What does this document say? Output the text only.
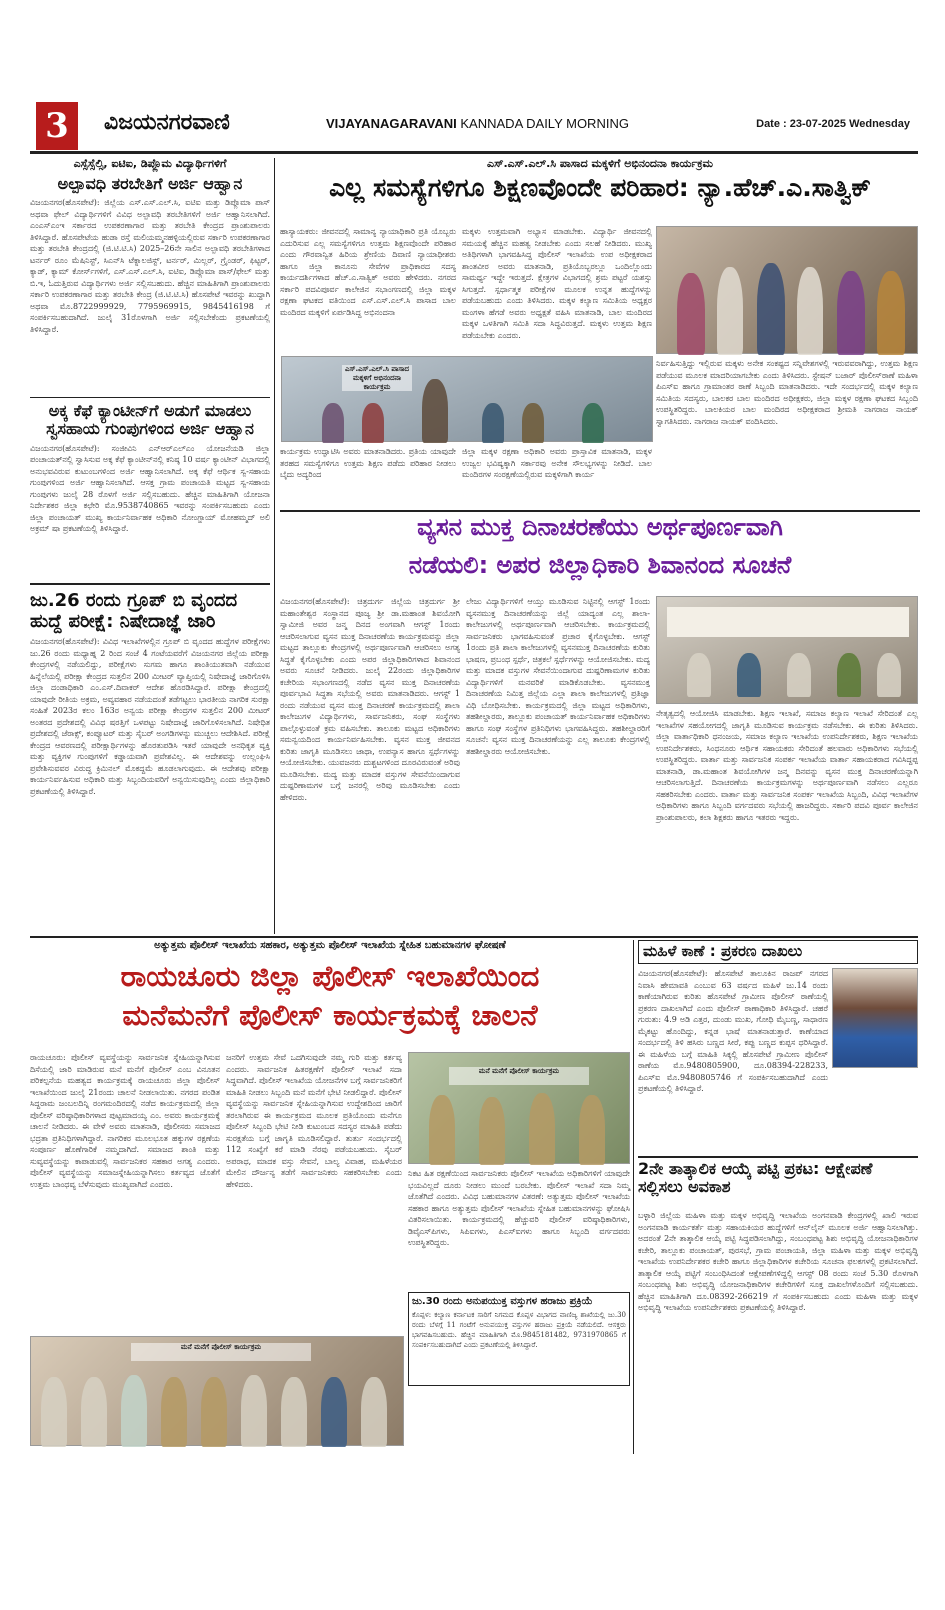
3	ವಿಜಯನಗರವಾಣಿ	VIJAYANAGARAVANI KANNADA DAILY MORNING	Date : 23-07-2025 Wednesday
ಎಸ್ಸೆಸ್ಸೆಲ್ಸಿ, ಐಟಿಐ, ಡಿಪ್ಲೊಮ ವಿದ್ಯಾರ್ಥಿಗಳಿಗೆ
ಅಲ್ಪಾವಧಿ ತರಬೇತಿಗೆ ಅರ್ಜಿ ಆಹ್ವಾನ
ವಿಜಯನಗರ(ಹೊಸಪೇಟೆ): ಜಿಲ್ಲೆಯ ಎಸ್.ಎಸ್.ಎಲ್.ಸಿ, ಐಟಿಐ ಮತ್ತು ಡಿಪ್ಲೊಮಾ ಪಾಸ್ ಅಥವಾ ಫೇಲ್ ವಿದ್ಯಾರ್ಥಿಗಳಿಗೆ ವಿವಿಧ ಅಲ್ಪಾವಧಿ ತರಬೇತಿಗಳಿಗೆ ಅರ್ಜಿ ಆಹ್ವಾನಿಸಲಾಗಿದೆ. ಎಂಎಸ್ಎಂಇ ಸರ್ಕಾರದ ಉಪಕರಣಾಗಾರ ಮತ್ತು ತರಬೇತಿ ಕೇಂದ್ರದ ಪ್ರಾಂಶುಪಾಲರು ತಿಳಿಸಿದ್ದಾರೆ. ಹೊಸಪೇಟೆಯ ಹುಡಾ ರಸ್ತೆ ಮಲಿಯಮ್ಮನಹಳ್ಳಿಯಲ್ಲಿರುವ ಸರ್ಕಾರಿ ಉಪಕರಣಾಗಾರ ಮತ್ತು ತರಬೇತಿ ಕೇಂದ್ರದಲ್ಲಿ (ಜಿ.ಟಿ.ಟಿ.ಸಿ) 2025–26ನೇ ಸಾಲಿನ ಅಲ್ಪಾವಧಿ ತರಬೇತಿಗಳಾದ ಟರ್ನರ್ ರೂಂ ಮೆಷಿನಿಸ್ಟ್, ಸಿಎನ್‌ಸಿ ಟೆಕ್ನಾಲಜಿಸ್ಟ್, ಟರ್ನರ್, ಮಿಲ್ಲರ್, ಗ್ರೈಂಡರ್, ಫಿಟ್ಟರ್, ಕ್ಯಾಡ್, ಕ್ಯಾಮ್ ಕೋರ್ಸ್‌ಗಳಿಗೆ, ಎಸ್.ಎಸ್.ಎಲ್.ಸಿ, ಐಟಿಐ, ಡಿಪ್ಲೊಮಾ ಪಾಸ್/ಫೇಲ್ ಮತ್ತು ಬಿ.ಇ, ಓದುತ್ತಿರುವ ವಿದ್ಯಾರ್ಥಿಗಳು ಅರ್ಜಿ ಸಲ್ಲಿಸಬಹುದು. ಹೆಚ್ಚಿನ ಮಾಹಿತಿಗಾಗಿ ಪ್ರಾಂಶುಪಾಲರು ಸರ್ಕಾರಿ ಉಪಕರಣಾಗಾರ ಮತ್ತು ತರಬೇತಿ ಕೇಂದ್ರ (ಜಿ.ಟಿ.ಟಿ.ಸಿ) ಹೊಸಪೇಟೆ ಇವರನ್ನು ಖುದ್ದಾಗಿ ಅಥವಾ ಮೊ.8722999929, 7795969915, 9845416198 ಗೆ ಸಂಪರ್ಕಿಸಬಹುದಾಗಿದೆ. ಜುಲೈ 31ರೊಳಗಾಗಿ ಅರ್ಜಿ ಸಲ್ಲಿಸಬೇಕೆಂದು ಪ್ರಕಟಣೆಯಲ್ಲಿ ತಿಳಿಸಿದ್ದಾರೆ.
ಅಕ್ಕ ಕೆಫೆ ಕ್ಯಾಂಟೀನ್‌ಗೆ ಅಡುಗೆ ಮಾಡಲು ಸ್ವಸಹಾಯ ಗುಂಪುಗಳಿಂದ ಅರ್ಜಿ ಆಹ್ವಾನ
ವಿಜಯನಗರ(ಹೊಸಪೇಟೆ): ಸಂಜೀವಿನಿ ಎನ್‌ಆರ್‌ಎಲ್ಎಂ ಯೋಜನೆಯಡಿ ಜಿಲ್ಲಾ ಪಂಚಾಯತ್‌ನಲ್ಲಿ ಸ್ವಾಸಿಸುವ ಅಕ್ಕ ಕೆಫೆ ಕ್ಯಾಂಟೀನ್‌ನಲ್ಲಿ ಕನಿಷ್ಠ 10 ವರ್ಷ ಕ್ಯಾಂಟೀನ್ ವಿಭಾಗದಲ್ಲಿ ಅನುಭವವಿರುವ ಕುಟುಂಬಗಳಿಂದ ಅರ್ಜಿ ಆಹ್ವಾನಿಸಲಾಗಿದೆ. ಅಕ್ಕ ಕೆಫೆ ಆರ್ಥಿಕ ಸ್ವ-ಸಹಾಯ ಗುಂಪುಗಳಿಂದ ಅರ್ಜಿ ಆಹ್ವಾನಿಸಲಾಗಿದೆ. ಆಸಕ್ತ ಗ್ರಾಮ ಪಂಚಾಯತಿ ಮಟ್ಟದ ಸ್ವ-ಸಹಾಯ ಗುಂಪುಗಳು ಜುಲೈ 28 ರೊಳಗೆ ಅರ್ಜಿ ಸಲ್ಲಿಸಬಹುದು. ಹೆಚ್ಚಿನ ಮಾಹಿತಿಗಾಗಿ ಯೋಜನಾ ನಿರ್ದೇಶಕರ ಜಿಲ್ಲಾ ಕಛೇರಿ ಮೊ.9538740865 ಇವರನ್ನು ಸಂಪರ್ಕಿಸಬಹುದು ಎಂದು ಜಿಲ್ಲಾ ಪಂಚಾಯತ್ ಮುಖ್ಯ ಕಾರ್ಯನಿರ್ವಾಹಕ ಅಧಿಕಾರಿ ನೋಂಗ್ಜಾಯ್ ಮೋಹಮ್ಮದ್ ಅಲಿ ಅಕ್ರಮ್ ಷಾ ಪ್ರಕಟಣೆಯಲ್ಲಿ ತಿಳಿಸಿದ್ದಾರೆ.
ಜು.26 ರಂದು ಗ್ರೂಪ್ ಬಿ ವೃಂದದ ಹುದ್ದೆ ಪರೀಕ್ಷೆ: ನಿಷೇದಾಜ್ಞೆ ಜಾರಿ
ವಿಜಯನಗರ(ಹೊಸಪೇಟೆ): ವಿವಿಧ ಇಲಾಖೆಗಳಲ್ಲಿನ ಗ್ರೂಪ್ ಬಿ ವೃಂದದ ಹುದ್ದೆಗಳ ಪರೀಕ್ಷೆಗಳು ಜು.26 ರಂದು ಮಧ್ಯಾಹ್ನ 2 ರಿಂದ ಸಂಜೆ 4 ಗಂಟೆಯವರೆಗೆ ವಿಜಯನಗರ ಜಿಲ್ಲೆಯ ಪರೀಕ್ಷಾ ಕೇಂದ್ರಗಳಲ್ಲಿ ನಡೆಯಲಿದ್ದು, ಪರೀಕ್ಷೆಗಳು ಸುಗಮ ಹಾಗೂ ಶಾಂತಿಯುತವಾಗಿ ನಡೆಯುವ ಹಿನ್ನೆಲೆಯಲ್ಲಿ ಪರೀಕ್ಷಾ ಕೇಂದ್ರದ ಸುತ್ತಲಿನ 200 ಮೀಟರ್ ವ್ಯಾಪ್ತಿಯಲ್ಲಿ ನಿಷೇದಾಜ್ಞೆ ಜಾರಿಗೊಳಿಸಿ ಜಿಲ್ಲಾ ದಂಡಾಧಿಕಾರಿ ಎಂ.ಎಸ್.ದಿವಾಕರ್ ಆದೇಶ ಹೊರಡಿಸಿದ್ದಾರೆ. ಪರೀಕ್ಷಾ ಕೇಂದ್ರದಲ್ಲಿ ಯಾವುದೇ ರೀತಿಯ ಅಕ್ರಮ, ಅವ್ಯವಹಾರ ನಡೆಯದಂತೆ ತಡೆಗಟ್ಟಲು ಭಾರತೀಯ ನಾಗರಿಕ ಸುರಕ್ಷಾ ಸಂಹಿತೆ 2023ರ ಕಲಂ 163ರ ಅನ್ವಯ ಪರೀಕ್ಷಾ ಕೇಂದ್ರಗಳ ಸುತ್ತಲಿನ 200 ಮೀಟರ್ ಅಂತರದ ಪ್ರದೇಶದಲ್ಲಿ ವಿವಿಧ ಷರತ್ತಿಗೆ ಒಳಪಟ್ಟು ನಿಷೇದಾಜ್ಞೆ ಜಾರಿಗೊಳಿಸಲಾಗಿದೆ. ನಿಷೇಧಿತ ಪ್ರದೇಶದಲ್ಲಿ ಜೆರಾಕ್ಸ್, ಕಂಪ್ಯೂಟರ್ ಮತ್ತು ಸೈಬರ್ ಅಂಗಡಿಗಳನ್ನು ಮುಚ್ಚಲು ಆದೇಶಿಸಿದೆ. ಪರೀಕ್ಷೆ ಕೇಂದ್ರದ ಆವರಣದಲ್ಲಿ ಪರೀಕ್ಷಾರ್ಥಿಗಳನ್ನು ಹೊರತುಪಡಿಸಿ ಇತರೆ ಯಾವುದೇ ಅನಧಿಕೃತ ವ್ಯಕ್ತಿ ಮತ್ತು ವ್ಯಕ್ತಿಗಳ ಗುಂಪುಗಳಿಗೆ ಕಡ್ಡಾಯವಾಗಿ ಪ್ರವೇಶವಿಲ್ಲ. ಈ ಆದೇಶವನ್ನು ಉಲ್ಲಂಘಿಸಿ ಪ್ರವೇಶಿಸುವವರ ವಿರುದ್ಧ ಕ್ರಿಮಿನಲ್ ಮೊಕದ್ದಮೆ ಹೂಡಲಾಗುವುದು. ಈ ಆದೇಶವು ಪರೀಕ್ಷಾ ಕಾರ್ಯನಿರ್ವಹಿಸುವ ಅಧಿಕಾರಿ ಮತ್ತು ಸಿಬ್ಬಂದಿಯವರಿಗೆ ಅನ್ವಯಿಸುವುದಿಲ್ಲ ಎಂದು ಜಿಲ್ಲಾಧಿಕಾರಿ ಪ್ರಕಟಣೆಯಲ್ಲಿ ತಿಳಿಸಿದ್ದಾರೆ.
ಎಸ್.ಎಸ್.ಎಲ್.ಸಿ ಪಾಸಾದ ಮಕ್ಕಳಿಗೆ ಅಭಿನಂದನಾ ಕಾರ್ಯಕ್ರಮ
ಎಲ್ಲ ಸಮಸ್ಯೆಗಳಿಗೂ ಶಿಕ್ಷಣವೊಂದೇ ಪರಿಹಾರ: ನ್ಯಾ.ಹೆಚ್.ಎ.ಸಾತ್ವಿಕ್
ಹಾಸ್ಯಾಯಕರು: ಜೀವನದಲ್ಲಿ ಸಾಮಾನ್ಯ ನ್ಯಾಯಾಧಿಕಾರಿ ಪ್ರತಿ ಯೊಬ್ಬರು ಎದುರಿಸುವ ಎಲ್ಲ ಸಮಸ್ಯೆಗಳಿಗೂ ಉತ್ತಮ ಶಿಕ್ಷಣವೊಂದೇ ಪರಿಹಾರ ಎಂದು ಗೌರವಾನ್ವಿತ ಹಿರಿಯ ಶ್ರೇಣಿಯ ದಿವಾಣಿ ನ್ಯಾಯಾಧೀಶರು ಹಾಗೂ ಜಿಲ್ಲಾ ಕಾನೂನು ಸೇವೆಗಳ ಪ್ರಾಧಿಕಾರದ ಸದಸ್ಯ ಕಾರ್ಯದರ್ಶಿಗಳಾದ ಹೆಚ್.ಎ.ಸಾತ್ವಿಕ್ ಅವರು ಹೇಳಿದರು. ನಗರದ ಸರ್ಕಾರಿ ಪದವಿಪೂರ್ವ ಕಾಲೇಜಿನ ಸಭಾಂಗಣದಲ್ಲಿ ಜಿಲ್ಲಾ ಮಕ್ಕಳ ರಕ್ಷಣಾ ಘಟಕದ ವತಿಯಿಂದ ಎಸ್.ಎಸ್.ಎಲ್.ಸಿ ಪಾಸಾದ ಬಾಲ ಮಂದಿರದ ಮಕ್ಕಳಿಗೆ ಏರ್ಪಡಿಸಿದ್ದ ಅಭಿನಂದನಾ
ಎಸ್.ಎಸ್.ಎಲ್.ಸಿ ಪಾಸಾದ ಮಕ್ಕಳಿಗೆ ಅಭಿನಂದನಾ ಕಾರ್ಯಕ್ರಮ
ಕಾರ್ಯಕ್ರಮ ಉದ್ಘಾಟಿಸಿ ಅವರು ಮಾತನಾಡಿದರು. ಪ್ರತಿಯ ಯಾವುದೇ ತರಹದ ಸಮಸ್ಯೆಗಳಿಗೂ ಉತ್ತಮ ಶಿಕ್ಷಣ ಪಡೆದು ಪರಿಹಾರ ನೀಡಲು ಬೈದು ಅದ್ಯರಿಂದ
ಮಕ್ಕಳು ಉತ್ತಮವಾಗಿ ಅಭ್ಯಾಸ ಮಾಡಬೇಕು. ವಿದ್ಯಾರ್ಥಿ ಜೀವನದಲ್ಲಿ ಸಮಯಕ್ಕೆ ಹೆಚ್ಚಿನ ಮಹತ್ವ ನೀಡಬೇಕು ಎಂದು ಸಲಹೆ ನೀಡಿದರು. ಮುಖ್ಯ ಅತಿಥಿಗಳಾಗಿ ಭಾಗವಹಿಸಿದ್ದ ಪೊಲೀಸ್ ಇಲಾಖೆಯ ಉಪ ಅಧೀಕ್ಷಕರಾದ ಶಾಂತವೀರ ಅವರು ಮಾತನಾಡಿ, ಪ್ರತಿಯೊಬ್ಬರಲ್ಲೂ ಒಂದಿಲ್ಲೊಂದು ಸಾಮರ್ಥ್ಯ ಇದ್ದೇ ಇರುತ್ತದೆ. ಕ್ಷೇತ್ರಗಳ ವಿಭಾಗದಲ್ಲಿ ಶ್ರಮ ಪಟ್ಟರೆ ಯಶಸ್ಸು ಸಿಗುತ್ತದೆ. ಸ್ಪರ್ಧಾತ್ಮಕ ಪರೀಕ್ಷೆಗಳ ಮೂಲಕ ಉನ್ನತ ಹುದ್ದೆಗಳನ್ನು ಪಡೆಯಬಹುದು ಎಂದು ತಿಳಿಸಿದರು. ಮಕ್ಕಳ ಕಲ್ಯಾಣ ಸಮಿತಿಯ ಅಧ್ಯಕ್ಷರ ಮಂಗಳಾ ಹೆಗಡೆ ಅವರು ಅಧ್ಯಕ್ಷತೆ ವಹಿಸಿ ಮಾತನಾಡಿ, ಬಾಲ ಮಂದಿರದ ಮಕ್ಕಳ ಒಳತಿಗಾಗಿ ಸಮಿತಿ ಸದಾ ಸಿದ್ಧವಿರುತ್ತದೆ. ಮಕ್ಕಳು ಉತ್ತಮ ಶಿಕ್ಷಣ ಪಡೆಯಬೇಕು ಎಂದರು.
ಜಿಲ್ಲಾ ಮಕ್ಕಳ ರಕ್ಷಣಾ ಅಧಿಕಾರಿ ಅವರು ಪ್ರಾಸ್ತಾವಿಕ ಮಾತನಾಡಿ, ಮಕ್ಕಳ ಉಜ್ವಲ ಭವಿಷ್ಯಕ್ಕಾಗಿ ಸರ್ಕಾರವು ಅನೇಕ ಸೌಲಭ್ಯಗಳನ್ನು ನೀಡಿದೆ. ಬಾಲ ಮಂದಿರಗಳ ಸಂರಕ್ಷಣೆಯಲ್ಲಿರುವ ಮಕ್ಕಳಿಗಾಗಿ ಕಾರ್ಯ
ನಿರ್ವಹಿಸುತ್ತಿದ್ದು ಇಲ್ಲಿರುವ ಮಕ್ಕಳು ಅನೇಕ ಸಂಕಷ್ಟದ ಸನ್ನಿವೇಶಗಳಲ್ಲಿ ಇರುವವರಾಗಿದ್ದು, ಉತ್ತಮ ಶಿಕ್ಷಣ ಪಡೆಯುವ ಮೂಲಕ ಮಾದರಿಯಾಗಬೇಕು ಎಂದು ತಿಳಿಸಿದರು. ಸ್ಟೇಷನ್ ಬಜಾರ್ ಪೊಲೀಸ್‌ಠಾಣೆ ಮಹಿಳಾ ಪಿಎಸ್‌ಐ ಹಾಗೂ ಗ್ರಾಮಾಂತರ ಠಾಣೆ ಸಿಬ್ಬಂದಿ ಮಾತನಾಡಿದರು. ಇದೇ ಸಂದರ್ಭದಲ್ಲಿ ಮಕ್ಕಳ ಕಲ್ಯಾಣ ಸಮಿತಿಯ ಸದಸ್ಯರು, ಬಾಲಕರ ಬಾಲ ಮಂದಿರದ ಅಧೀಕ್ಷಕರು, ಜಿಲ್ಲಾ ಮಕ್ಕಳ ರಕ್ಷಣಾ ಘಟಕದ ಸಿಬ್ಬಂದಿ ಉಪಸ್ಥಿತರಿದ್ದರು. ಬಾಲಕಿಯರ ಬಾಲ ಮಂದಿರದ ಅಧೀಕ್ಷಕರಾದ ಶ್ರೀಮತಿ ನಾಗರಾಜ ನಾಯಕ್ ಸ್ವಾಗತಿಸಿದರು. ನಾಗರಾಜ ನಾಯಕ್ ವಂದಿಸಿದರು.
ವ್ಯಸನ ಮುಕ್ತ ದಿನಾಚರಣೆಯು ಅರ್ಥಪೂರ್ಣವಾಗಿ
ನಡೆಯಲಿ: ಅಪರ ಜಿಲ್ಲಾಧಿಕಾರಿ ಶಿವಾನಂದ ಸೂಚನೆ
ವಿಜಯನಗರ(ಹೊಸಪೇಟೆ): ಚಿತ್ರದುರ್ಗ ಜಿಲ್ಲೆಯ ಚಿತ್ರದುರ್ಗ ಶ್ರೀ ಮಹಾಂತೇಶ್ವರ ಸಂಸ್ಥಾನದ ಪೂಜ್ಯ ಶ್ರೀ ಡಾ.ಮಹಾಂತ ಶಿವಯೋಗಿ ಸ್ವಾಮೀಜಿ ಅವರ ಜನ್ಮ ದಿನದ ಅಂಗವಾಗಿ ಆಗಸ್ಟ್ 1ರಂದು ಆಚರಿಸಲಾಗುವ ವ್ಯಸನ ಮುಕ್ತ ದಿನಾಚರಣೆಯ ಕಾರ್ಯಕ್ರಮವನ್ನು ಜಿಲ್ಲಾ ಮಟ್ಟದ ತಾಲ್ಲೂಕು ಕೇಂದ್ರಗಳಲ್ಲಿ ಅರ್ಥಪೂರ್ಣವಾಗಿ ಆಚರಿಸಲು ಅಗತ್ಯ ಸಿದ್ಧತೆ ಕೈಗೊಳ್ಳಬೇಕು ಎಂದು ಅಪರ ಜಿಲ್ಲಾಧಿಕಾರಿಗಳಾದ ಶಿವಾನಂದ ಅವರು ಸೂಚನೆ ನೀಡಿದರು. ಜುಲೈ 22ರಂದು ಜಿಲ್ಲಾಧಿಕಾರಿಗಳ ಕಚೇರಿಯ ಸಭಾಂಗಣದಲ್ಲಿ ನಡೆದ ವ್ಯಸನ ಮುಕ್ತ ದಿನಾಚರಣೆಯ ಪೂರ್ವಭಾವಿ ಸಿದ್ಧತಾ ಸಭೆಯಲ್ಲಿ ಅವರು ಮಾತನಾಡಿದರು. ಆಗಸ್ಟ್ 1 ರಂದು ನಡೆಯುವ ವ್ಯಸನ ಮುಕ್ತ ದಿನಾಚರಣೆ ಕಾರ್ಯಕ್ರಮದಲ್ಲಿ ಶಾಲಾ ಕಾಲೇಜುಗಳ ವಿದ್ಯಾರ್ಥಿಗಳು, ಸಾರ್ವಜನಿಕರು, ಸಂಘ ಸಂಸ್ಥೆಗಳು ಪಾಲ್ಗೊಳ್ಳುವಂತೆ ಕ್ರಮ ವಹಿಸಬೇಕು. ತಾಲೂಕು ಮಟ್ಟದ ಅಧಿಕಾರಿಗಳು ಸಮನ್ವಯದಿಂದ ಕಾರ್ಯನಿರ್ವಹಿಸಬೇಕು. ವ್ಯಸನ ಮುಕ್ತ ಜೀವನದ ಕುರಿತು ಜಾಗೃತಿ ಮೂಡಿಸಲು ಜಾಥಾ, ಉಪನ್ಯಾಸ ಹಾಗೂ ಸ್ಪರ್ಧೆಗಳನ್ನು ಆಯೋಜಿಸಬೇಕು. ಯುವಜನರು ದುಶ್ಚಟಗಳಿಂದ ದೂರವಿರುವಂತೆ ಅರಿವು ಮೂಡಿಸಬೇಕು. ಮದ್ಯ ಮತ್ತು ಮಾದಕ ವಸ್ತುಗಳ ಸೇವನೆಯಿಂದಾಗುವ ದುಷ್ಪರಿಣಾಮಗಳ ಬಗ್ಗೆ ಜನರಲ್ಲಿ ಅರಿವು ಮೂಡಿಸಬೇಕು ಎಂದು ಹೇಳಿದರು.
ಲೇಜು ವಿದ್ಯಾರ್ಥಿಗಳಿಗೆ ಆಯ್ತು ಮೂಡಿಸುವ ನಿಟ್ಟಿನಲ್ಲಿ ಆಗಸ್ಟ್ 1ರಂದು ವ್ಯಸನಮುಕ್ತ ದಿನಾಚರಣೆಯನ್ನು ಜಿಲ್ಲೆ ಯಾದ್ಯಂತ ಎಲ್ಲ ಶಾಲಾ-ಕಾಲೇಜುಗಳಲ್ಲಿ ಅರ್ಥಪೂರ್ಣವಾಗಿ ಆಚರಿಸಬೇಕು. ಕಾರ್ಯಕ್ರಮದಲ್ಲಿ ಸಾರ್ವಜನಿಕರು ಭಾಗವಹಿಸುವಂತೆ ಪ್ರಚಾರ ಕೈಗೊಳ್ಳಬೇಕು. ಆಗಸ್ಟ್ 1ರಂದು ಪ್ರತಿ ಶಾಲಾ ಕಾಲೇಜುಗಳಲ್ಲಿ ವ್ಯಸನಮುಕ್ತ ದಿನಾಚರಣೆಯ ಕುರಿತು ಭಾಷಣ, ಪ್ರಬಂಧ ಸ್ಪರ್ಧೆ, ಚಿತ್ರಕಲೆ ಸ್ಪರ್ಧೆಗಳನ್ನು ಆಯೋಜಿಸಬೇಕು. ಮದ್ಯ ಮತ್ತು ಮಾದಕ ವಸ್ತುಗಳ ಸೇವನೆಯಿಂದಾಗುವ ದುಷ್ಪರಿಣಾಮಗಳ ಕುರಿತು ವಿದ್ಯಾರ್ಥಿಗಳಿಗೆ ಮನವರಿಕೆ ಮಾಡಿಕೊಡಬೇಕು. ವ್ಯಸನಮುಕ್ತ ದಿನಾಚರಣೆಯ ನಿಮಿತ್ತ ಜಿಲ್ಲೆಯ ಎಲ್ಲಾ ಶಾಲಾ ಕಾಲೇಜುಗಳಲ್ಲಿ ಪ್ರತಿಜ್ಞಾ ವಿಧಿ ಬೋಧಿಸಬೇಕು. ಕಾರ್ಯಕ್ರಮದಲ್ಲಿ ಜಿಲ್ಲಾ ಮಟ್ಟದ ಅಧಿಕಾರಿಗಳು, ತಹಶೀಲ್ದಾರರು, ತಾಲ್ಲೂಕು ಪಂಚಾಯತ್ ಕಾರ್ಯನಿರ್ವಾಹಕ ಅಧಿಕಾರಿಗಳು ಹಾಗೂ ಸಂಘ ಸಂಸ್ಥೆಗಳ ಪ್ರತಿನಿಧಿಗಳು ಭಾಗವಹಿಸಿದ್ದರು. ತಹಶೀಲ್ದಾರರಿಗೆ ಸೂಚನೆ: ವ್ಯಸನ ಮುಕ್ತ ದಿನಾಚರಣೆಯನ್ನು ಎಲ್ಲ ತಾಲೂಕು ಕೇಂದ್ರಗಳಲ್ಲಿ ತಹಶೀಲ್ದಾರರು ಆಯೋಜಿಸಬೇಕು.
ನೇತೃತ್ವದಲ್ಲಿ ಆಯೋಜಿಸಿ ಮಾಡಬೇಕು. ಶಿಕ್ಷಣ ಇಲಾಖೆ, ಸಮಾಜ ಕಲ್ಯಾಣ ಇಲಾಖೆ ಸೇರಿದಂತೆ ಎಲ್ಲ ಇಲಾಖೆಗಳ ಸಹಯೋಗದಲ್ಲಿ ಜಾಗೃತಿ ಮೂಡಿಸುವ ಕಾರ್ಯಕ್ರಮ ನಡೆಸಬೇಕು. ಈ ಕುರಿತು ತಿಳಿಸಿದರು. ಜಿಲ್ಲಾ ವಾರ್ತಾಧಿಕಾರಿ ಧನಂಜಯ, ಸಮಾಜ ಕಲ್ಯಾಣ ಇಲಾಖೆಯ ಉಪನಿರ್ದೇಶಕರು, ಶಿಕ್ಷಣ ಇಲಾಖೆಯ ಉಪನಿರ್ದೇಶಕರು, ಸಿಂಧನೂರು ಆರ್ಥಿಕ ಸಹಾಯಕರು ಸೇರಿದಂತೆ ಹಲವಾರು ಅಧಿಕಾರಿಗಳು ಸಭೆಯಲ್ಲಿ ಉಪಸ್ಥಿತರಿದ್ದರು. ವಾರ್ತಾ ಮತ್ತು ಸಾರ್ವಜನಿಕ ಸಂಪರ್ಕ ಇಲಾಖೆಯ ವಾರ್ತಾ ಸಹಾಯಕರಾದ ಗವಿಸಿದ್ದಪ್ಪ ಮಾತನಾಡಿ, ಡಾ.ಮಹಾಂತ ಶಿವಯೋಗಿಗಳ ಜನ್ಮ ದಿನವನ್ನು ವ್ಯಸನ ಮುಕ್ತ ದಿನಾಚರಣೆಯನ್ನಾಗಿ ಆಚರಿಸಲಾಗುತ್ತಿದೆ. ದಿನಾಚರಣೆಯ ಕಾರ್ಯಕ್ರಮಗಳನ್ನು ಅರ್ಥಪೂರ್ಣವಾಗಿ ನಡೆಸಲು ಎಲ್ಲರೂ ಸಹಕರಿಸಬೇಕು ಎಂದರು. ವಾರ್ತಾ ಮತ್ತು ಸಾರ್ವಜನಿಕ ಸಂಪರ್ಕ ಇಲಾಖೆಯ ಸಿಬ್ಬಂದಿ, ವಿವಿಧ ಇಲಾಖೆಗಳ ಅಧಿಕಾರಿಗಳು ಹಾಗೂ ಸಿಬ್ಬಂದಿ ವರ್ಗದವರು ಸಭೆಯಲ್ಲಿ ಹಾಜರಿದ್ದರು. ಸರ್ಕಾರಿ ಪದವಿ ಪೂರ್ವ ಕಾಲೇಜಿನ ಪ್ರಾಂಶುಪಾಲರು, ಕಲಾ ಶಿಕ್ಷಕರು ಹಾಗೂ ಇತರರು ಇದ್ದರು.
ಅತ್ಯುತ್ತಮ ಪೊಲೀಸ್ ಇಲಾಖೆಯ ಸಹಕಾರ, ಅತ್ಯುತ್ತಮ ಪೊಲೀಸ್ ಇಲಾಖೆಯ ಸ್ನೇಹಿತ ಬಹುಮಾನಗಳ ಘೋಷಣೆ
ರಾಯಚೂರು ಜಿಲ್ಲಾ ಪೊಲೀಸ್ ಇಲಾಖೆಯಿಂದ
ಮನೆಮನೆಗೆ ಪೊಲೀಸ್ ಕಾರ್ಯಕ್ರಮಕ್ಕೆ ಚಾಲನೆ
ರಾಯಚೂರು: ಪೊಲೀಸ್ ವ್ಯವಸ್ಥೆಯನ್ನು ಸಾರ್ವಜನಿಕ ಸ್ನೇಹಿಯನ್ನಾಗಿಸುವ ದಿಸೆಯಲ್ಲಿ ಜಾರಿ ಮಾಡಿರುವ ಮನೆ ಮನೆಗೆ ಪೊಲೀಸ್ ಎಂಬ ವಿನೂತನ ಪರಿಕಲ್ಪನೆಯ ಮಹತ್ವದ ಕಾರ್ಯಕ್ರಮಕ್ಕೆ ರಾಯಚೂರು ಜಿಲ್ಲಾ ಪೊಲೀಸ್ ಇಲಾಖೆಯಿಂದ ಜುಲೈ 21ರಂದು ಚಾಲನೆ ನೀಡಲಾಯಿತು. ನಗರದ ಪಂಡಿತ ಸಿದ್ದರಾಮ ಜಂಬಲದಿನ್ನಿ ರಂಗಮಂದಿರದಲ್ಲಿ ನಡೆದ ಕಾರ್ಯಕ್ರಮದಲ್ಲಿ ಜಿಲ್ಲಾ ಪೊಲೀಸ್ ವರಿಷ್ಠಾಧಿಕಾರಿಗಳಾದ ಪುಟ್ಟಮಾದಯ್ಯ ಎಂ. ಅವರು ಕಾರ್ಯಕ್ರಮಕ್ಕೆ ಚಾಲನೆ ನೀಡಿದರು. ಈ ವೇಳೆ ಅವರು ಮಾತನಾಡಿ, ಪೊಲೀಸರು ಸಮಾಜದ ಭದ್ರತಾ ಪ್ರತಿನಿಧಿಗಳಾಗಿದ್ದಾರೆ. ನಾಗರಿಕರ ಮೂಲಭೂತ ಹಕ್ಕುಗಳ ರಕ್ಷಣೆಯ ಸಂಪೂರ್ಣ ಹೊಣೆಗಾರಿಕೆ ನಮ್ಮದಾಗಿದೆ. ಸಮಾಜದ ಶಾಂತಿ ಮತ್ತು ಸುವ್ಯವಸ್ಥೆಯನ್ನು ಕಾಪಾಡುವಲ್ಲಿ ಸಾರ್ವಜನಿಕರ ಸಹಕಾರ ಅಗತ್ಯ ಎಂದರು. ಪೊಲೀಸ್ ವ್ಯವಸ್ಥೆಯನ್ನು ಸಮಾಜಸ್ನೇಹಿಯನ್ನಾಗಿಸಲು ಕರ್ತವ್ಯದ ಜೊತೆಗೆ ಉತ್ತಮ ಬಾಂಧವ್ಯ ಬೆಳೆಸುವುದು ಮುಖ್ಯವಾಗಿದೆ ಎಂದರು.
ಜನರಿಗೆ ಉತ್ತಮ ಸೇವೆ ಒದಗಿಸುವುದೇ ನಮ್ಮ ಗುರಿ ಮತ್ತು ಕರ್ತವ್ಯ ಎಂದರು. ಸಾರ್ವಜನಿಕ ಹಿತರಕ್ಷಣೆಗೆ ಪೊಲೀಸ್ ಇಲಾಖೆ ಸದಾ ಸಿದ್ಧವಾಗಿದೆ. ಪೊಲೀಸ್ ಇಲಾಖೆಯ ಯೋಜನೆಗಳ ಬಗ್ಗೆ ಸಾರ್ವಜನಿಕರಿಗೆ ಮಾಹಿತಿ ನೀಡಲು ಸಿಬ್ಬಂದಿ ಮನೆ ಮನೆಗೆ ಭೇಟಿ ನೀಡಲಿದ್ದಾರೆ. ಪೊಲೀಸ್ ವ್ಯವಸ್ಥೆಯನ್ನು ಸಾರ್ವಜನಿಕ ಸ್ನೇಹಿಯನ್ನಾಗಿಸುವ ಉದ್ದೇಶದಿಂದ ಜಾರಿಗೆ ತರಲಾಗಿರುವ ಈ ಕಾರ್ಯಕ್ರಮದ ಮೂಲಕ ಪ್ರತಿಯೊಂದು ಮನೆಗೂ ಪೊಲೀಸ್ ಸಿಬ್ಬಂದಿ ಭೇಟಿ ನೀಡಿ ಕುಟುಂಬದ ಸದಸ್ಯರ ಮಾಹಿತಿ ಪಡೆದು ಸುರಕ್ಷತೆಯ ಬಗ್ಗೆ ಜಾಗೃತಿ ಮೂಡಿಸಲಿದ್ದಾರೆ. ತುರ್ತು ಸಂದರ್ಭದಲ್ಲಿ 112 ಸಂಖ್ಯೆಗೆ ಕರೆ ಮಾಡಿ ನೆರವು ಪಡೆಯಬಹುದು. ಸೈಬರ್ ಅಪರಾಧ, ಮಾದಕ ವಸ್ತು ಸೇವನೆ, ಬಾಲ್ಯ ವಿವಾಹ, ಮಹಿಳೆಯರ ಮೇಲಿನ ದೌರ್ಜನ್ಯ ತಡೆಗೆ ಸಾರ್ವಜನಿಕರು ಸಹಕರಿಸಬೇಕು ಎಂದು ಹೇಳಿದರು.
ಮನೆ ಮನೆಗೆ ಪೊಲೀಸ್ ಕಾರ್ಯಕ್ರಮ
ನಿಕಟ ಹಿತ ರಕ್ಷಣೆಯಿಂದ ಸಾರ್ವಜನಿಕರು ಪೊಲೀಸ್ ಇಲಾಖೆಯ ಅಧಿಕಾರಿಗಳಿಗೆ ಯಾವುದೇ ಭಯವಿಲ್ಲದೆ ದೂರು ನೀಡಲು ಮುಂದೆ ಬರಬೇಕು. ಪೊಲೀಸ್ ಇಲಾಖೆ ಸದಾ ನಿಮ್ಮ ಜೊತೆಗಿದೆ ಎಂದರು. ವಿವಿಧ ಬಹುಮಾನಗಳ ವಿತರಣೆ: ಅತ್ಯುತ್ತಮ ಪೊಲೀಸ್ ಇಲಾಖೆಯ ಸಹಕಾರ ಹಾಗೂ ಅತ್ಯುತ್ತಮ ಪೊಲೀಸ್ ಇಲಾಖೆಯ ಸ್ನೇಹಿತ ಬಹುಮಾನಗಳನ್ನು ಘೋಷಿಸಿ ವಿತರಿಸಲಾಯಿತು. ಕಾರ್ಯಕ್ರಮದಲ್ಲಿ ಹೆಚ್ಚುವರಿ ಪೊಲೀಸ್ ವರಿಷ್ಠಾಧಿಕಾರಿಗಳು, ಡಿವೈಎಸ್‌ಪಿಗಳು, ಸಿಪಿಐಗಳು, ಪಿಎಸ್‌ಐಗಳು ಹಾಗೂ ಸಿಬ್ಬಂದಿ ವರ್ಗದವರು ಉಪಸ್ಥಿತರಿದ್ದರು.
ಜು.30 ರಂದು ಅನುಪಯುಕ್ತ ವಸ್ತುಗಳ ಹರಾಜು ಪ್ರಕ್ರಿಯೆ
ಕೊಪ್ಪಳ: ಕಲ್ಯಾಣ ಕರ್ನಾಟಕ ಸಾರಿಗೆ ನಿಗಮದ ಕೊಪ್ಪಳ ವಿಭಾಗದ ವಾಣಿಜ್ಯ ಶಾಖೆಯಲ್ಲಿ ಜು.30 ರಂದು ಬೆಳಗ್ಗೆ 11 ಗಂಟೆಗೆ ಅನುಪಯುಕ್ತ ವಸ್ತುಗಳ ಹರಾಜು ಪ್ರಕ್ರಿಯೆ ನಡೆಯಲಿದೆ. ಆಸಕ್ತರು ಭಾಗವಹಿಸಬಹುದು. ಹೆಚ್ಚಿನ ಮಾಹಿತಿಗಾಗಿ ಮೊ.9845181482, 9731970865 ಗೆ ಸಂಪರ್ಕಿಸಬಹುದಾಗಿದೆ ಎಂದು ಪ್ರಕಟಣೆಯಲ್ಲಿ ತಿಳಿಸಿದ್ದಾರೆ.
ಮನೆ ಮನೆಗೆ ಪೊಲೀಸ್ ಕಾರ್ಯಕ್ರಮ
ಮಹಿಳೆ ಕಾಣೆ : ಪ್ರಕರಣ ದಾಖಲು
ವಿಜಯನಗರ(ಹೊಸಪೇಟೆ): ಹೊಸಪೇಟೆ ತಾಲೂಕಿನ ರಾಜಪ್ ನಗರದ ನಿವಾಸಿ ಹೇಮಾವತಿ ಎಂಬುವ 63 ವರ್ಷದ ಮಹಿಳೆ ಜು.14 ರಂದು ಕಾಣೆಯಾಗಿರುವ ಕುರಿತು ಹೊಸಪೇಟೆ ಗ್ರಾಮೀಣ ಪೊಲೀಸ್ ಠಾಣೆಯಲ್ಲಿ ಪ್ರಕರಣ ದಾಖಲಾಗಿದೆ ಎಂದು ಪೊಲೀಸ್ ಠಾಣಾಧಿಕಾರಿ ತಿಳಿಸಿದ್ದಾರೆ. ಚಹರೆ ಗುರುತು: 4.9 ಅಡಿ ಎತ್ತರ, ದುಂಡು ಮುಖ, ಗೋಧಿ ಮೈಬಣ್ಣ, ಸಾಧಾರಣ ಮೈಕಟ್ಟು ಹೊಂದಿದ್ದು, ಕನ್ನಡ ಭಾಷೆ ಮಾತನಾಡುತ್ತಾರೆ. ಕಾಣೆಯಾದ ಸಂದರ್ಭದಲ್ಲಿ ತಿಳಿ ಹಸಿರು ಬಣ್ಣದ ಸೀರೆ, ಕಪ್ಪು ಬಣ್ಣದ ಕುಪ್ಪಸ ಧರಿಸಿದ್ದಾರೆ. ಈ ಮಹಿಳೆಯ ಬಗ್ಗೆ ಮಾಹಿತಿ ಸಿಕ್ಕಲ್ಲಿ ಹೊಸಪೇಟೆ ಗ್ರಾಮೀಣ ಪೊಲೀಸ್ ಠಾಣೆಯ ಮೊ.9480805900, ದೂ.08394-228233, ಪಿಎಸ್‌ಐ ಮೊ.9480805746 ಗೆ ಸಂಪರ್ಕಿಸಬಹುದಾಗಿದೆ ಎಂದು ಪ್ರಕಟಣೆಯಲ್ಲಿ ತಿಳಿಸಿದ್ದಾರೆ.
2ನೇ ತಾತ್ಕಾಲಿಕ ಆಯ್ಕೆ ಪಟ್ಟಿ ಪ್ರಕಟ: ಆಕ್ಷೇಪಣೆ ಸಲ್ಲಿಸಲು ಅವಕಾಶ
ಬಳ್ಳಾರಿ ಜಿಲ್ಲೆಯ ಮಹಿಳಾ ಮತ್ತು ಮಕ್ಕಳ ಅಭಿವೃದ್ಧಿ ಇಲಾಖೆಯ ಅಂಗನವಾಡಿ ಕೇಂದ್ರಗಳಲ್ಲಿ ಖಾಲಿ ಇರುವ ಅಂಗನವಾಡಿ ಕಾರ್ಯಕರ್ತೆ ಮತ್ತು ಸಹಾಯಕಿಯರ ಹುದ್ದೆಗಳಿಗೆ ಆನ್‌ಲೈನ್ ಮೂಲಕ ಅರ್ಜಿ ಆಹ್ವಾನಿಸಲಾಗಿತ್ತು. ಅದರಂತೆ 2ನೇ ತಾತ್ಕಾಲಿಕ ಆಯ್ಕೆ ಪಟ್ಟಿ ಸಿದ್ಧಪಡಿಸಲಾಗಿದ್ದು, ಸಂಬಂಧಪಟ್ಟ ಶಿಶು ಅಭಿವೃದ್ಧಿ ಯೋಜನಾಧಿಕಾರಿಗಳ ಕಚೇರಿ, ತಾಲ್ಲೂಕು ಪಂಚಾಯತ್, ಪುರಸಭೆ, ಗ್ರಾಮ ಪಂಚಾಯತಿ, ಜಿಲ್ಲಾ ಮಹಿಳಾ ಮತ್ತು ಮಕ್ಕಳ ಅಭಿವೃದ್ಧಿ ಇಲಾಖೆಯ ಉಪನಿರ್ದೇಶಕರ ಕಚೇರಿ ಹಾಗೂ ಜಿಲ್ಲಾಧಿಕಾರಿಗಳ ಕಚೇರಿಯ ಸೂಚನಾ ಫಲಕಗಳಲ್ಲಿ ಪ್ರಕಟಿಸಲಾಗಿದೆ. ತಾತ್ಕಾಲಿಕ ಆಯ್ಕೆ ಪಟ್ಟಿಗೆ ಸಂಬಂಧಿಸಿದಂತೆ ಆಕ್ಷೇಪಣೆಗಳಿದ್ದಲ್ಲಿ ಆಗಸ್ಟ್ 08 ರಂದು ಸಂಜೆ 5.30 ರೊಳಗಾಗಿ ಸಂಬಂಧಪಟ್ಟ ಶಿಶು ಅಭಿವೃದ್ಧಿ ಯೋಜನಾಧಿಕಾರಿಗಳ ಕಚೇರಿಗಳಿಗೆ ಸೂಕ್ತ ದಾಖಲೆಗಳೊಂದಿಗೆ ಸಲ್ಲಿಸಬಹುದು. ಹೆಚ್ಚಿನ ಮಾಹಿತಿಗಾಗಿ ದೂ.08392-266219 ಗೆ ಸಂಪರ್ಕಿಸಬಹುದು ಎಂದು ಮಹಿಳಾ ಮತ್ತು ಮಕ್ಕಳ ಅಭಿವೃದ್ಧಿ ಇಲಾಖೆಯ ಉಪನಿರ್ದೇಶಕರು ಪ್ರಕಟಣೆಯಲ್ಲಿ ತಿಳಿಸಿದ್ದಾರೆ.
